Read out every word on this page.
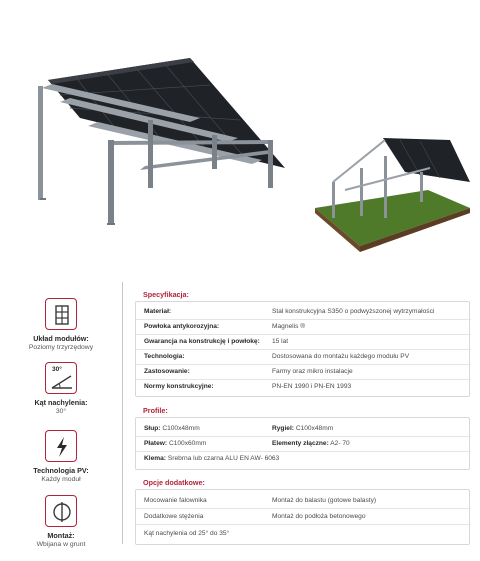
Układ modułów:
Poziomy trzyrzędowy
30°
Kąt nachylenia:
30°
Technologia PV:
Każdy moduł
Montaż:
Wbijana w grunt
Specyfikacja:
Materiał:	Stal konstrukcyjna S350 o podwyższonej wytrzymałości
Powłoka antykorozyjna:	Magnelis ®
Gwarancja na konstrukcję i powłokę: 15 lat
Technologia:	Dostosowana do montażu każdego modułu PV
Zastosowanie:	Farmy oraz mikro instalacje
Normy konstrukcyjne:	PN-EN 1990 i PN-EN 1993
Profile:
Słup: C100x48mm	Rygiel: C100x48mm
Płatew: C100x60mm	Elementy złączne: A2- 70
Klema: Srebrna lub czarna ALU EN AW- 6063
Opcje dodatkowe:
Mocowanie falownika	Montaż do balastu (gotowe balasty)
Dodatkowe stężenia	Montaż do podłoża betonowego
Kąt nachylenia od 25° do 35°
